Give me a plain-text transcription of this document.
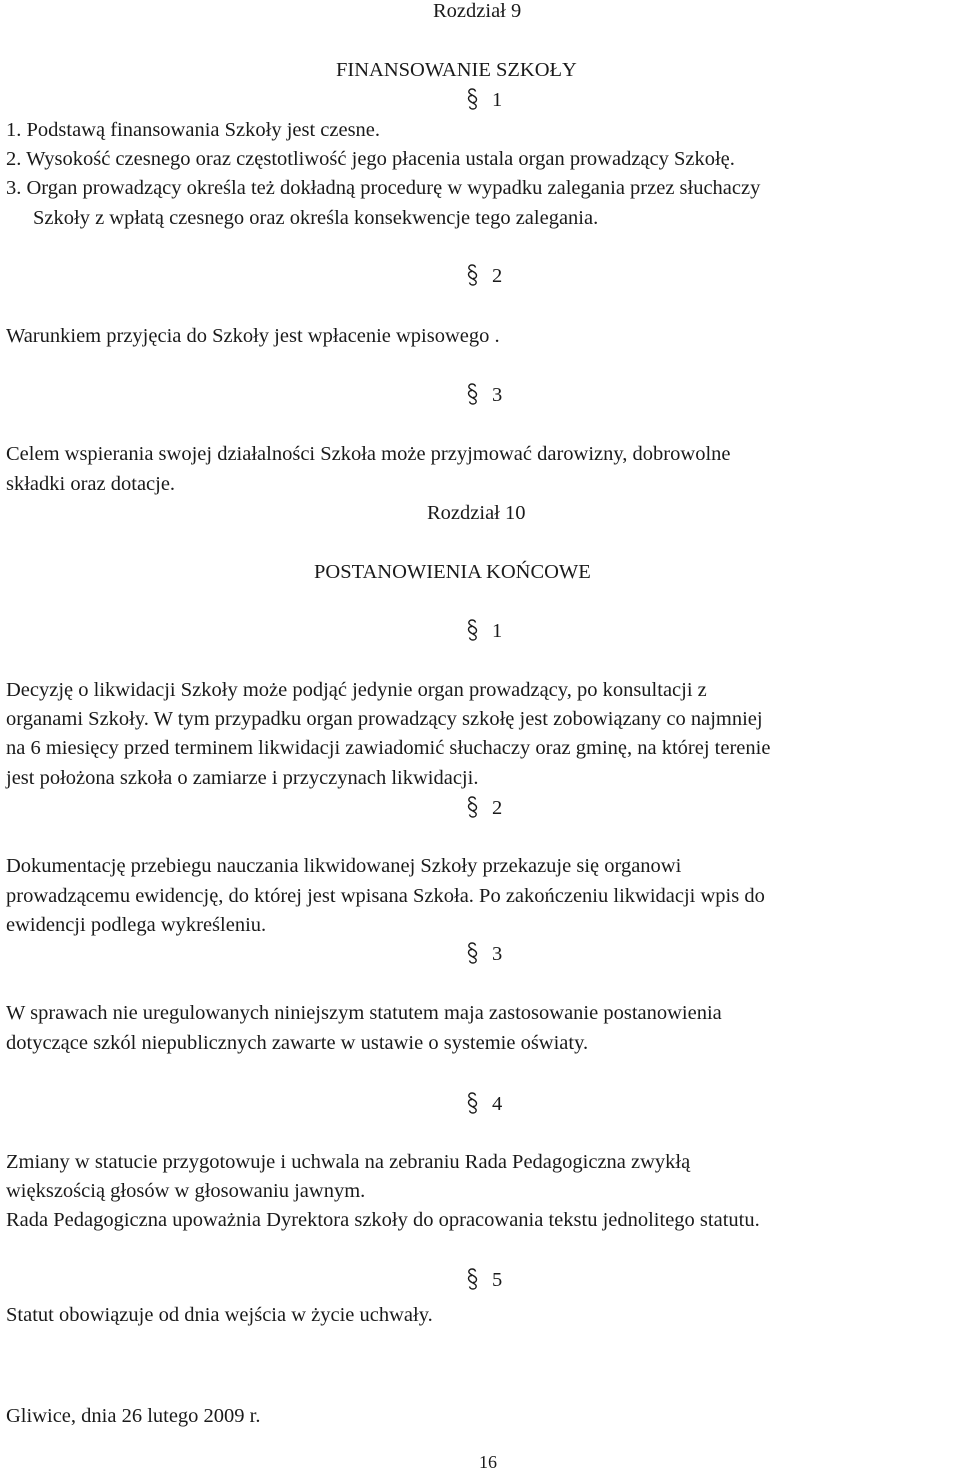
Rozdział 9
FINANSOWANIE SZKOŁY
1
1. Podstawą finansowania Szkoły jest czesne.
2. Wysokość czesnego oraz częstotliwość jego płacenia ustala organ prowadzący Szkołę.
3. Organ prowadzący określa też dokładną procedurę w wypadku zalegania przez słuchaczy
Szkoły z wpłatą czesnego oraz określa konsekwencje tego zalegania.
2
Warunkiem przyjęcia do Szkoły jest wpłacenie wpisowego .
3
Celem wspierania swojej działalności Szkoła może przyjmować darowizny, dobrowolne
składki oraz dotacje.
Rozdział 10
POSTANOWIENIA KOŃCOWE
1
Decyzję o likwidacji Szkoły może podjąć jedynie organ prowadzący, po konsultacji z
organami Szkoły. W tym przypadku organ prowadzący szkołę jest zobowiązany co najmniej
na 6 miesięcy przed terminem likwidacji zawiadomić słuchaczy oraz gminę, na której terenie
jest położona szkoła o zamiarze i przyczynach likwidacji.
2
Dokumentację przebiegu nauczania likwidowanej Szkoły przekazuje się organowi
prowadzącemu ewidencję, do której jest wpisana Szkoła. Po zakończeniu likwidacji wpis do
ewidencji podlega wykreśleniu.
3
W sprawach nie uregulowanych niniejszym statutem maja zastosowanie postanowienia
dotyczące szkól niepublicznych zawarte w ustawie o systemie oświaty.
4
Zmiany w statucie przygotowuje i uchwala na zebraniu Rada Pedagogiczna zwykłą
większością głosów w głosowaniu jawnym.
Rada Pedagogiczna upoważnia Dyrektora szkoły do opracowania tekstu jednolitego statutu.
5
Statut obowiązuje od dnia wejścia w życie uchwały.
Gliwice, dnia 26 lutego 2009 r.
16
